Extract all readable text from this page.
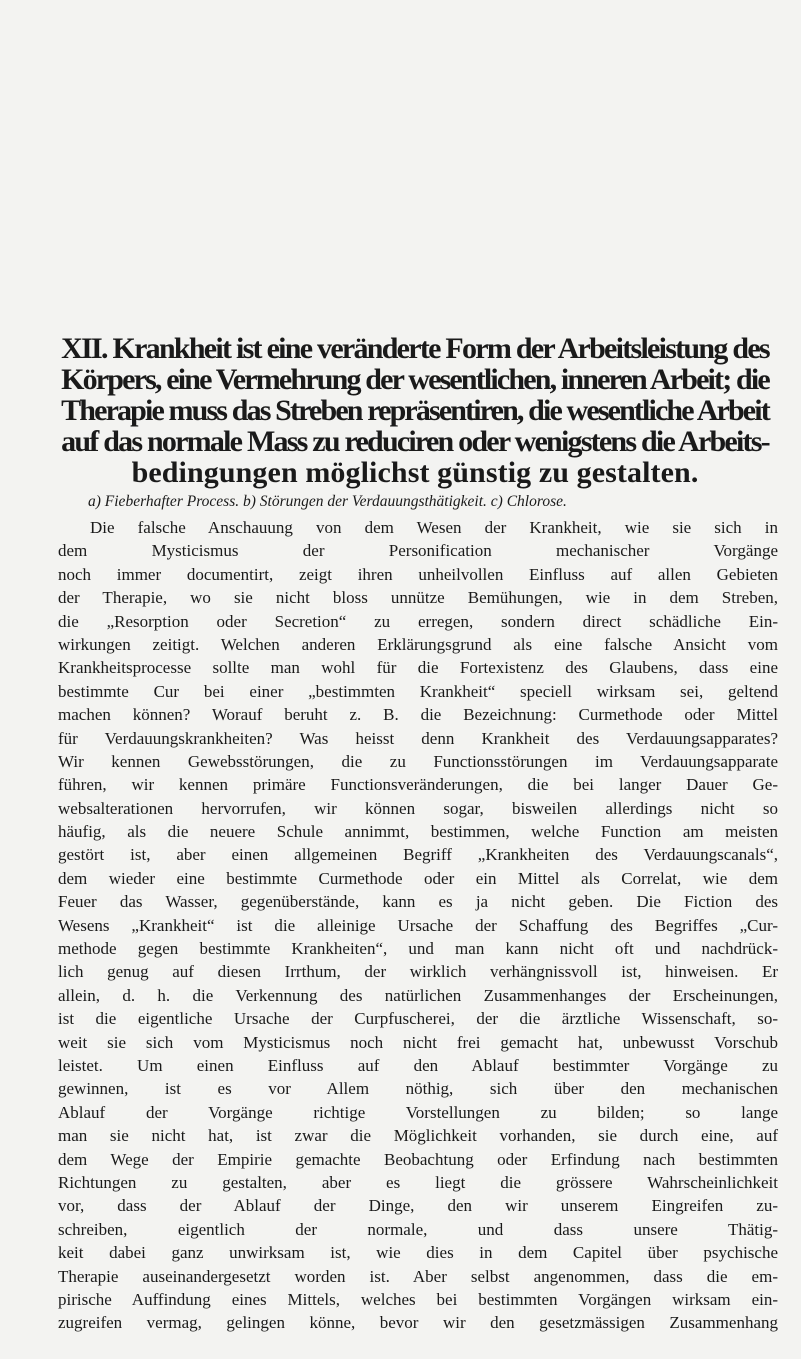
XII. Krankheit ist eine veränderte Form der Arbeitsleistung des
Körpers, eine Vermehrung der wesentlichen, inneren Arbeit; die
Therapie muss das Streben repräsentiren, die wesentliche Arbeit
auf das normale Mass zu reduciren oder wenigstens die Arbeits-
bedingungen möglichst günstig zu gestalten.
a) Fieberhafter Process. b) Störungen der Verdauungsthätigkeit. c) Chlorose.
Die falsche Anschauung von dem Wesen der Krankheit, wie sie sich in
dem Mysticismus der Personification mechanischer Vorgänge
noch immer documentirt, zeigt ihren unheilvollen Einfluss auf allen Gebieten
der Therapie, wo sie nicht bloss unnütze Bemühungen, wie in dem Streben,
die „Resorption oder Secretion“ zu erregen, sondern direct schädliche Ein-
wirkungen zeitigt. Welchen anderen Erklärungsgrund als eine falsche Ansicht vom
Krankheitsprocesse sollte man wohl für die Fortexistenz des Glaubens, dass eine
bestimmte Cur bei einer „bestimmten Krankheit“ speciell wirksam sei, geltend
machen können? Worauf beruht z. B. die Bezeichnung: Curmethode oder Mittel
für Verdauungskrankheiten? Was heisst denn Krankheit des Verdauungsapparates?
Wir kennen Gewebsstörungen, die zu Functionsstörungen im Verdauungsapparate
führen, wir kennen primäre Functionsveränderungen, die bei langer Dauer Ge-
websalterationen hervorrufen, wir können sogar, bisweilen allerdings nicht so
häufig, als die neuere Schule annimmt, bestimmen, welche Function am meisten
gestört ist, aber einen allgemeinen Begriff „Krankheiten des Verdauungscanals“,
dem wieder eine bestimmte Curmethode oder ein Mittel als Correlat, wie dem
Feuer das Wasser, gegenüberstände, kann es ja nicht geben. Die Fiction des
Wesens „Krankheit“ ist die alleinige Ursache der Schaffung des Begriffes „Cur-
methode gegen bestimmte Krankheiten“, und man kann nicht oft und nachdrück-
lich genug auf diesen Irrthum, der wirklich verhängnissvoll ist, hinweisen. Er
allein, d. h. die Verkennung des natürlichen Zusammenhanges der Erscheinungen,
ist die eigentliche Ursache der Curpfuscherei, der die ärztliche Wissenschaft, so-
weit sie sich vom Mysticismus noch nicht frei gemacht hat, unbewusst Vorschub
leistet. Um einen Einfluss auf den Ablauf bestimmter Vorgänge zu
gewinnen, ist es vor Allem nöthig, sich über den mechanischen
Ablauf der Vorgänge richtige Vorstellungen zu bilden; so lange
man sie nicht hat, ist zwar die Möglichkeit vorhanden, sie durch eine, auf
dem Wege der Empirie gemachte Beobachtung oder Erfindung nach bestimmten
Richtungen zu gestalten, aber es liegt die grössere Wahrscheinlichkeit
vor, dass der Ablauf der Dinge, den wir unserem Eingreifen zu-
schreiben, eigentlich der normale, und dass unsere Thätig-
keit dabei ganz unwirksam ist, wie dies in dem Capitel über psychische
Therapie auseinandergesetzt worden ist. Aber selbst angenommen, dass die em-
pirische Auffindung eines Mittels, welches bei bestimmten Vorgängen wirksam ein-
zugreifen vermag, gelingen könne, bevor wir den gesetzmässigen Zusammenhang
